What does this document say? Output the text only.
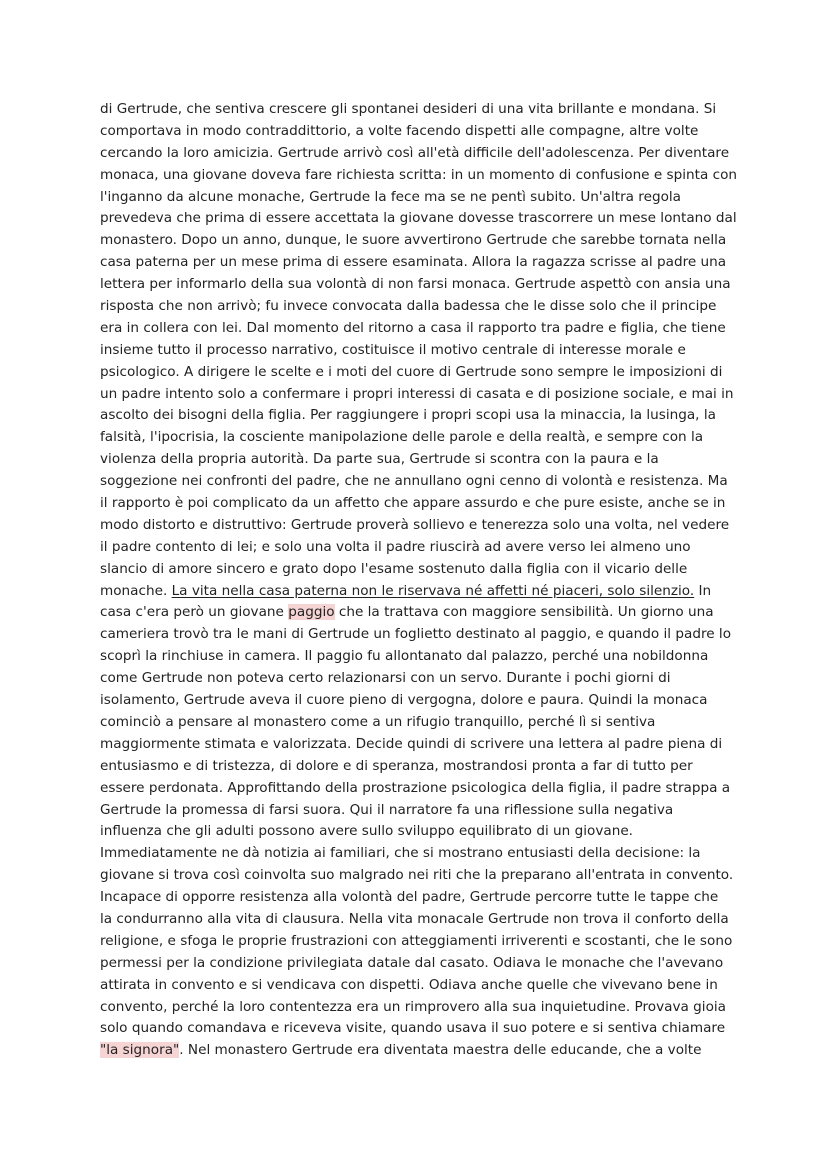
di Gertrude, che sentiva crescere gli spontanei desideri di una vita brillante e mondana. Si
comportava in modo contraddittorio, a volte facendo dispetti alle compagne, altre volte
cercando la loro amicizia. Gertrude arrivò così all'età difficile dell'adolescenza. Per diventare
monaca, una giovane doveva fare richiesta scritta: in un momento di confusione e spinta con
l'inganno da alcune monache, Gertrude la fece ma se ne pentì subito. Un'altra regola
prevedeva che prima di essere accettata la giovane dovesse trascorrere un mese lontano dal
monastero. Dopo un anno, dunque, le suore avvertirono Gertrude che sarebbe tornata nella
casa paterna per un mese prima di essere esaminata. Allora la ragazza scrisse al padre una
lettera per informarlo della sua volontà di non farsi monaca. Gertrude aspettò con ansia una
risposta che non arrivò; fu invece convocata dalla badessa che le disse solo che il principe
era in collera con lei. Dal momento del ritorno a casa il rapporto tra padre e figlia, che tiene
insieme tutto il processo narrativo, costituisce il motivo centrale di interesse morale e
psicologico. A dirigere le scelte e i moti del cuore di Gertrude sono sempre le imposizioni di
un padre intento solo a confermare i propri interessi di casata e di posizione sociale, e mai in
ascolto dei bisogni della figlia. Per raggiungere i propri scopi usa la minaccia, la lusinga, la
falsità, l'ipocrisia, la cosciente manipolazione delle parole e della realtà, e sempre con la
violenza della propria autorità. Da parte sua, Gertrude si scontra con la paura e la
soggezione nei confronti del padre, che ne annullano ogni cenno di volontà e resistenza. Ma
il rapporto è poi complicato da un affetto che appare assurdo e che pure esiste, anche se in
modo distorto e distruttivo: Gertrude proverà sollievo e tenerezza solo una volta, nel vedere
il padre contento di lei; e solo una volta il padre riuscirà ad avere verso lei almeno uno
slancio di amore sincero e grato dopo l'esame sostenuto dalla figlia con il vicario delle
monache. La vita nella casa paterna non le riservava né affetti né piaceri, solo silenzio. In
casa c'era però un giovane paggio che la trattava con maggiore sensibilità. Un giorno una
cameriera trovò tra le mani di Gertrude un foglietto destinato al paggio, e quando il padre lo
scoprì la rinchiuse in camera. Il paggio fu allontanato dal palazzo, perché una nobildonna
come Gertrude non poteva certo relazionarsi con un servo. Durante i pochi giorni di
isolamento, Gertrude aveva il cuore pieno di vergogna, dolore e paura. Quindi la monaca
cominciò a pensare al monastero come a un rifugio tranquillo, perché lì si sentiva
maggiormente stimata e valorizzata. Decide quindi di scrivere una lettera al padre piena di
entusiasmo e di tristezza, di dolore e di speranza, mostrandosi pronta a far di tutto per
essere perdonata. Approfittando della prostrazione psicologica della figlia, il padre strappa a
Gertrude la promessa di farsi suora. Qui il narratore fa una riflessione sulla negativa
influenza che gli adulti possono avere sullo sviluppo equilibrato di un giovane.
Immediatamente ne dà notizia ai familiari, che si mostrano entusiasti della decisione: la
giovane si trova così coinvolta suo malgrado nei riti che la preparano all'entrata in convento.
Incapace di opporre resistenza alla volontà del padre, Gertrude percorre tutte le tappe che
la condurranno alla vita di clausura. Nella vita monacale Gertrude non trova il conforto della
religione, e sfoga le proprie frustrazioni con atteggiamenti irriverenti e scostanti, che le sono
permessi per la condizione privilegiata datale dal casato. Odiava le monache che l'avevano
attirata in convento e si vendicava con dispetti. Odiava anche quelle che vivevano bene in
convento, perché la loro contentezza era un rimprovero alla sua inquietudine. Provava gioia
solo quando comandava e riceveva visite, quando usava il suo potere e si sentiva chiamare
"la signora". Nel monastero Gertrude era diventata maestra delle educande, che a volte
